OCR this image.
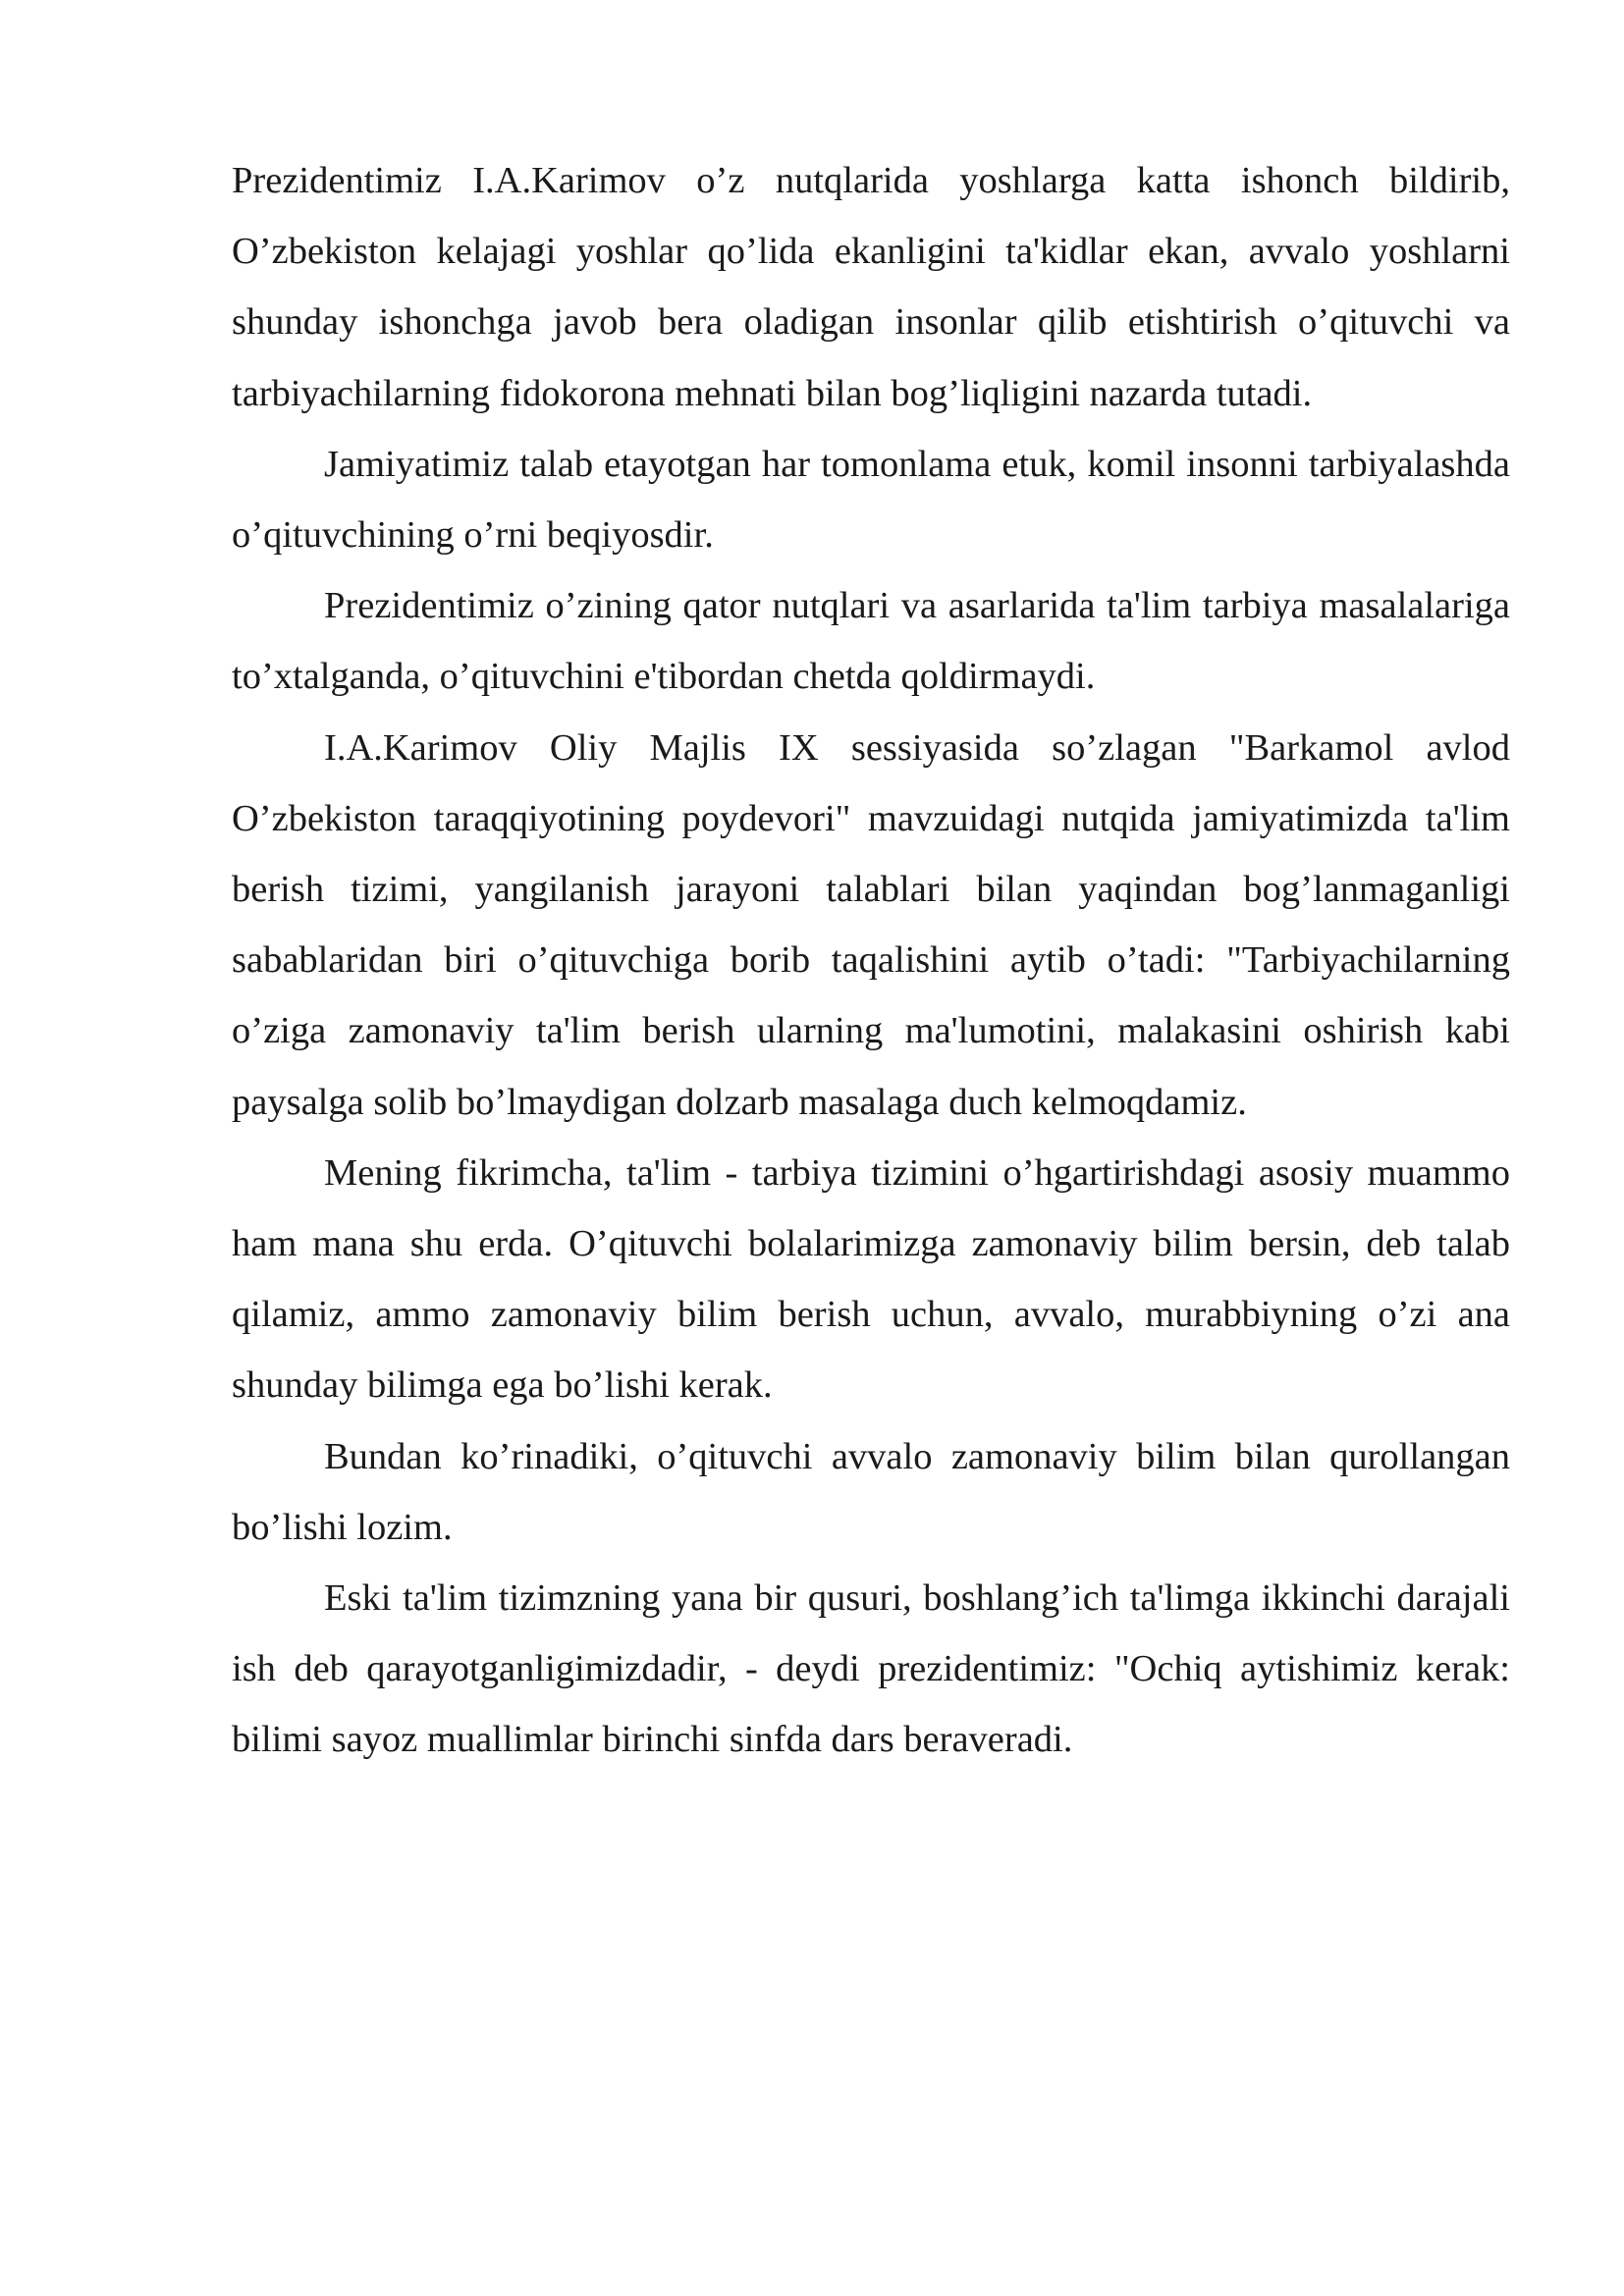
Prezidentimiz I.A.Karimov o’z nutqlarida yoshlarga katta ishonch bildirib, O’zbekiston kelajagi yoshlar qo’lida ekanligini ta'kidlar ekan, avvalo yoshlarni shunday ishonchga javob bera oladigan insonlar qilib etishtirish o’qituvchi va tarbiyachilarning fidokorona mehnati bilan bog’liqligini nazarda tutadi.

Jamiyatimiz talab etayotgan har tomonlama etuk, komil insonni tarbiyalashda o’qituvchining o’rni beqiyosdir.

Prezidentimiz o’zining qator nutqlari va asarlarida ta'lim tarbiya masalalariga to’xtalganda, o’qituvchini e'tibordan chetda qoldirmaydi.

I.A.Karimov Oliy Majlis IX sessiyasida so’zlagan "Barkamol avlod O’zbekiston taraqqiyotining poydevori" mavzuidagi nutqida jamiyatimizda ta'lim berish tizimi, yangilanish jarayoni talablari bilan yaqindan bog’lanmaganligi sabablaridan biri o’qituvchiga borib taqalishini aytib o’tadi: "Tarbiyachilarning o’ziga zamonaviy ta'lim berish ularning ma'lumotini, malakasini oshirish kabi paysalga solib bo’lmaydigan dolzarb masalaga duch kelmoqdamiz.

Mening fikrimcha, ta'lim - tarbiya tizimini o’hgartirishdagi asosiy muammo ham mana shu erda. O’qituvchi bolalarimizga zamonaviy bilim bersin, deb talab qilamiz, ammo zamonaviy bilim berish uchun, avvalo, murabbiyning o’zi ana shunday bilimga ega bo’lishi kerak.

Bundan ko’rinadiki, o’qituvchi avvalo zamonaviy bilim bilan qurollangan bo’lishi lozim.

Eski ta'lim tizimzning yana bir qusuri, boshlang’ich ta'limga ikkinchi darajali ish deb qarayotganligimizdadir, - deydi prezidentimiz: "Ochiq aytishimiz kerak: bilimi sayoz muallimlar birinchi sinfda dars beraveradi.
